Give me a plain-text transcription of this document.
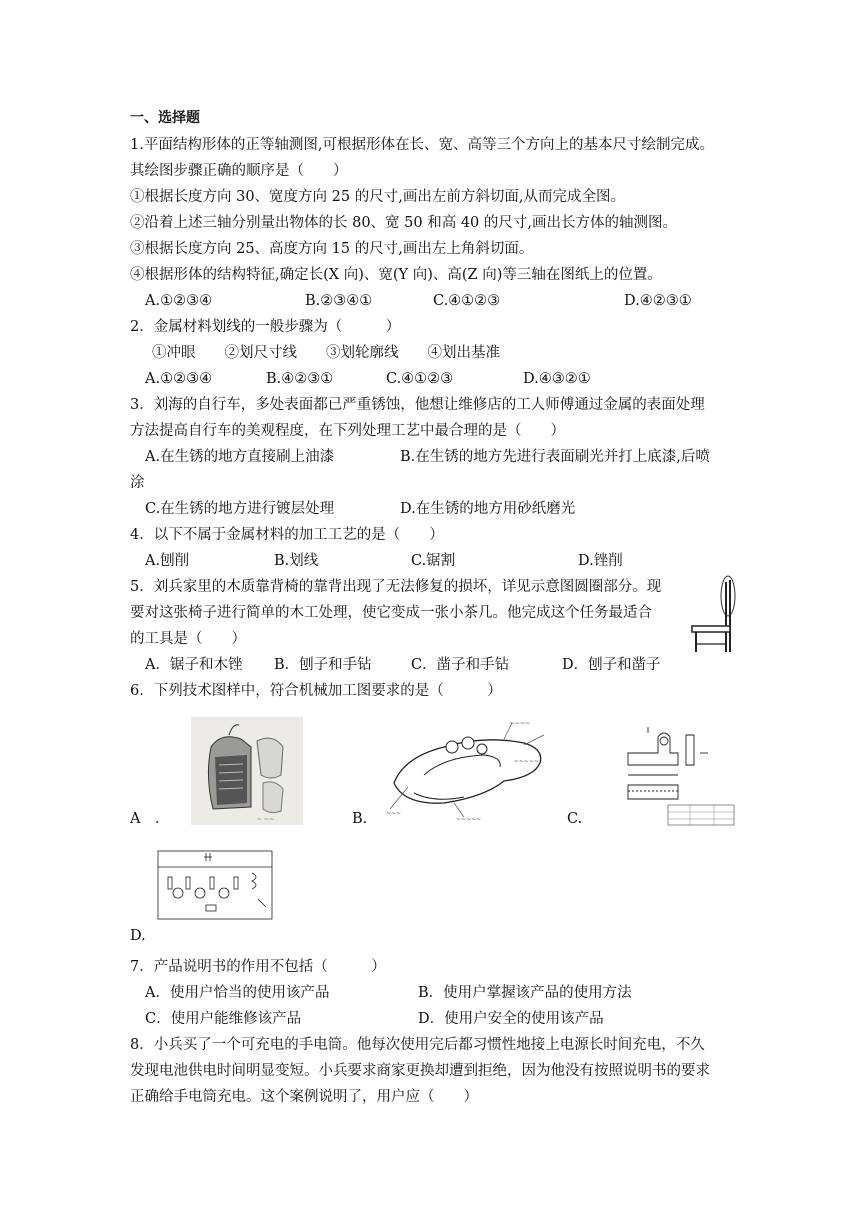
一、选择题
1.平面结构形体的正等轴测图,可根据形体在长、宽、高等三个方向上的基本尺寸绘制完成。
其绘图步骤正确的顺序是（　　）
①根据长度方向 30、宽度方向 25 的尺寸,画出左前方斜切面,从而完成全图。
②沿着上述三轴分别量出物体的长 80、宽 50 和高 40 的尺寸,画出长方体的轴测图。
③根据长度方向 25、高度方向 15 的尺寸,画出左上角斜切面。
④根据形体的结构特征,确定长(X 向)、宽(Y 向)、高(Z 向)等三轴在图纸上的位置。
A.①②③④	B.②③④①	C.④①②③	D.④②③①
2．金属材料划线的一般步骤为（　　　）
①冲眼　　②划尺寸线　　③划轮廓线　　④划出基准
A.①②③④	B.④②③①	C.④①②③	D.④③②①
3．刘海的自行车，多处表面都已严重锈蚀，他想让维修店的工人师傅通过金属的表面处理
方法提高自行车的美观程度，在下列处理工艺中最合理的是（　　）
A.在生锈的地方直接刷上油漆	B.在生锈的地方先进行表面刷光并打上底漆,后喷
涂
C.在生锈的地方进行镀层处理	D.在生锈的地方用砂纸磨光
4．以下不属于金属材料的加工工艺的是（　　）
A.刨削	B.划线	C.锯割	D.锉削
5．刘兵家里的木质靠背椅的靠背出现了无法修复的损坏，详见示意图圆圈部分。现
要对这张椅子进行简单的木工处理，使它变成一张小茶几。他完成这个任务最适合
的工具是（　　）
A．锯子和木锉 B．刨子和手钻	C．凿子和手钻	D．刨子和凿子
6．下列技术图样中，符合机械加工图要求的是（　　　）
~ ~~
A　．
~~~~
~~~~~
~~~
~~~~~
B.	C.
D.
7．产品说明书的作用不包括（　　　）
A．使用户恰当的使用该产品	B．使用户掌握该产品的使用方法
C．使用户能维修该产品	D．使用户安全的使用该产品
8．小兵买了一个可充电的手电筒。他每次使用完后都习惯性地接上电源长时间充电，不久
发现电池供电时间明显变短。小兵要求商家更换却遭到拒绝，因为他没有按照说明书的要求
正确给手电筒充电。这个案例说明了，用户应（　　）
